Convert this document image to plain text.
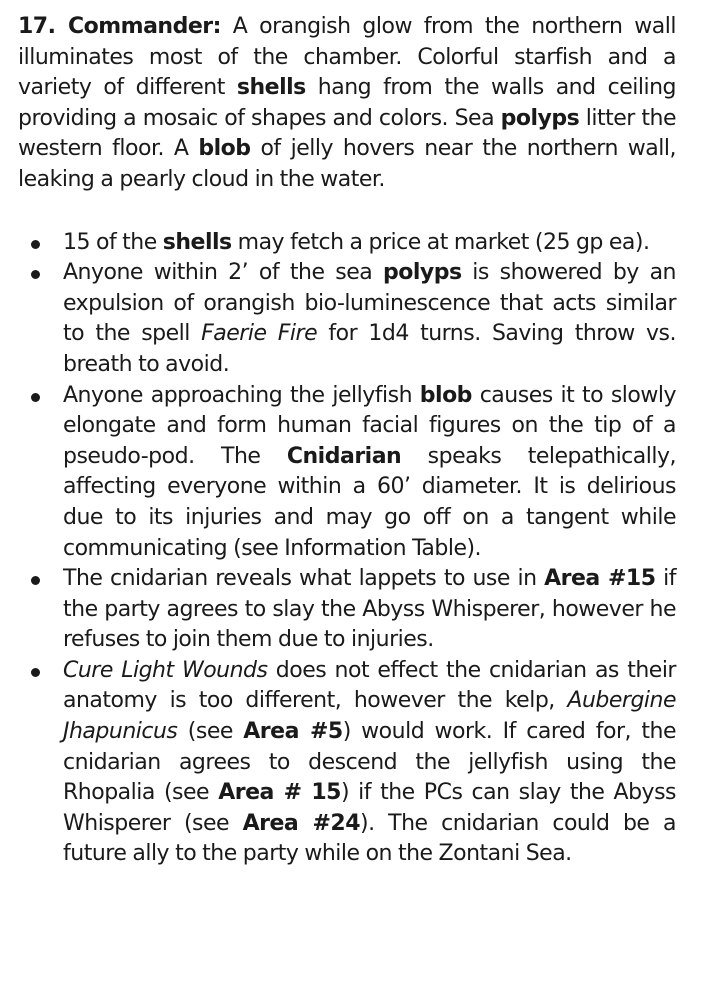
17. Commander: A orangish glow from the northern wall illuminates most of the chamber. Colorful starfish and a variety of different shells hang from the walls and ceiling providing a mosaic of shapes and colors. Sea polyps litter the western floor. A blob of jelly hovers near the northern wall, leaking a pearly cloud in the water.

15 of the shells may fetch a price at market (25 gp ea).
Anyone within 2’ of the sea polyps is showered by an expulsion of orangish bio-luminescence that acts similar to the spell Faerie Fire for 1d4 turns. Saving throw vs. breath to avoid.
Anyone approaching the jellyfish blob causes it to slowly elongate and form human facial figures on the tip of a pseudo-pod. The Cnidarian speaks telepathically, affecting everyone within a 60’ diameter. It is delirious due to its injuries and may go off on a tangent while communicating (see Information Table).
The cnidarian reveals what lappets to use in Area #15 if the party agrees to slay the Abyss Whisperer, however he refuses to join them due to injuries.
Cure Light Wounds does not effect the cnidarian as their anatomy is too different, however the kelp, Aubergine Jhapunicus (see Area #5) would work. If cared for, the cnidarian agrees to descend the jellyfish using the Rhopalia (see Area # 15) if the PCs can slay the Abyss Whisperer (see Area #24). The cnidarian could be a future ally to the party while on the Zontani Sea.
